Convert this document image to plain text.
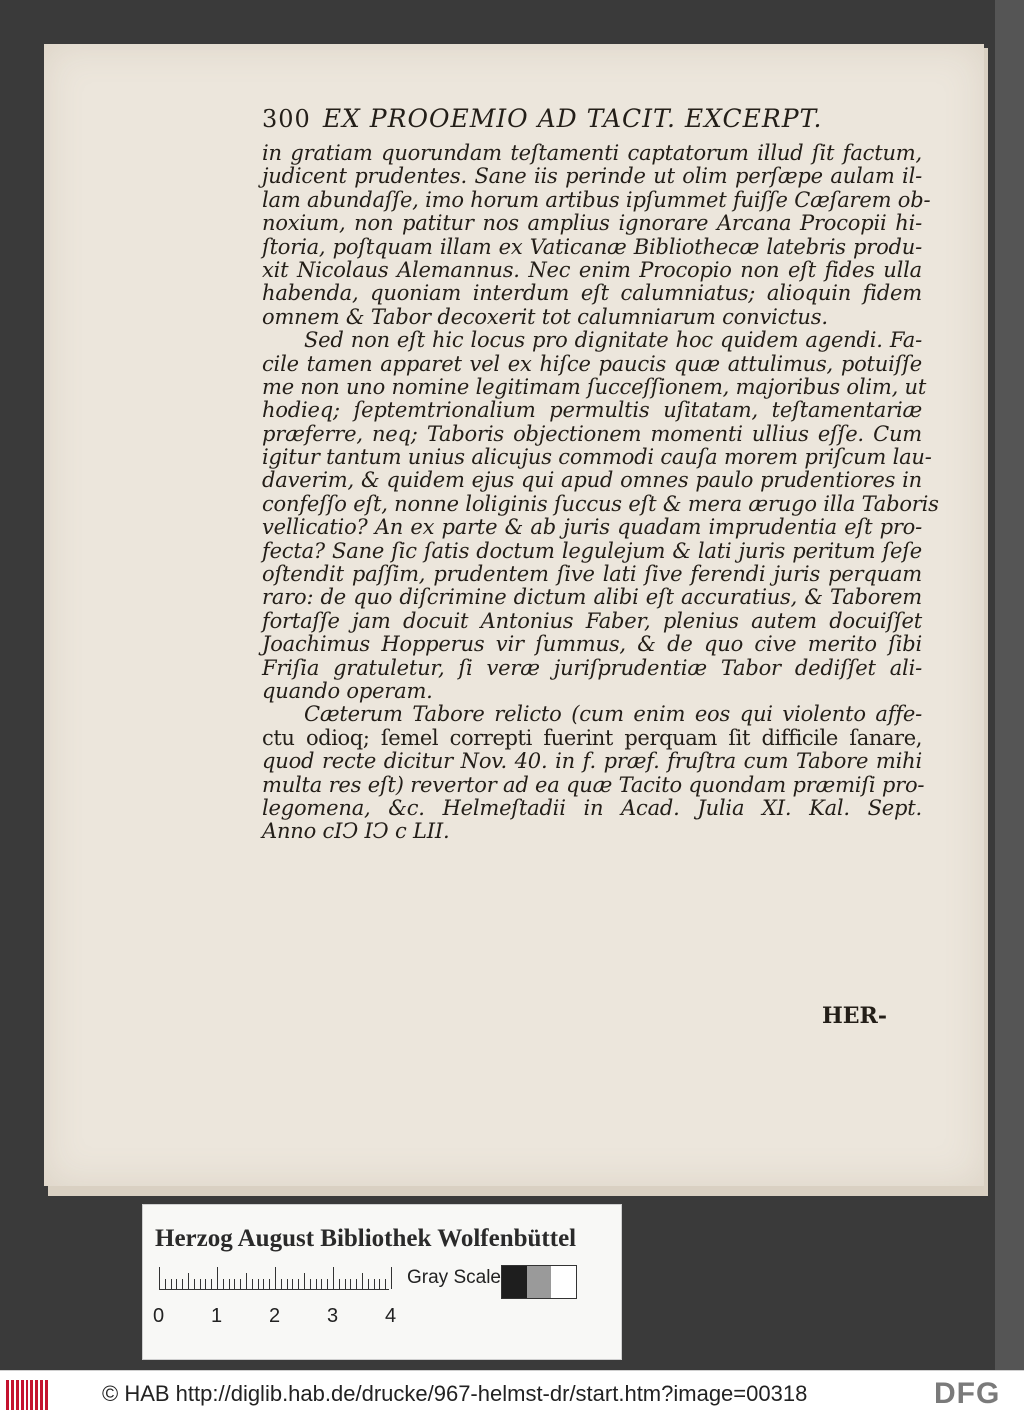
300 EX PROOEMIO AD TACIT. EXCERPT.
in gratiam quorundam teſtamenti captatorum illud ſit factum,
judicent prudentes. Sane iis perinde ut olim perſæpe aulam il-
lam abundaſſe, imo horum artibus ipſummet fuiſſe Cæſarem ob-
noxium, non patitur nos amplius ignorare Arcana Procopii hi-
ſtoria, poſtquam illam ex Vaticanæ Bibliothecæ latebris produ-
xit Nicolaus Alemannus. Nec enim Procopio non eſt fides ulla
habenda, quoniam interdum eſt calumniatus; alioquin fidem
omnem & Tabor decoxerit tot calumniarum convictus.
Sed non eſt hic locus pro dignitate hoc quidem agendi. Fa-
cile tamen apparet vel ex hiſce paucis quæ attulimus, potuiſſe
me non uno nomine legitimam ſucceſſionem, majoribus olim, ut
hodieq; ſeptemtrionalium permultis uſitatam, teſtamentariæ
præferre, neq; Taboris objectionem momenti ullius eſſe. Cum
igitur tantum unius alicujus commodi cauſa morem priſcum lau-
daverim, & quidem ejus qui apud omnes paulo prudentiores in
confeſſo eſt, nonne loliginis ſuccus eſt & mera ærugo illa Taboris
vellicatio? An ex parte & ab juris quadam imprudentia eſt pro-
fecta? Sane ſic ſatis doctum legulejum & lati juris peritum ſeſe
oſtendit paſſim, prudentem ſive lati ſive ferendi juris perquam
raro: de quo diſcrimine dictum alibi eſt accuratius, & Taborem
fortaſſe jam docuit Antonius Faber, plenius autem docuiſſet
Joachimus Hopperus vir ſummus, & de quo cive merito ſibi
Friſia gratuletur, ſi veræ juriſprudentiæ Tabor dediſſet ali-
quando operam.
Cæterum Tabore relicto (cum enim eos qui violento affe-
ctu odioq; ſemel correpti fuerint perquam ſit difficile ſanare,
quod recte dicitur Nov. 40. in f. præf. fruſtra cum Tabore mihi
multa res eſt) revertor ad ea quæ Tacito quondam præmiſi pro-
legomena, &c. Helmeſtadii in Acad. Julia XI. Kal. Sept.
Anno cIↃ IↃ c LII.
HER-
Herzog August Bibliothek Wolfenbüttel
0 1 2 3 4
Gray Scale
© HAB http://diglib.hab.de/drucke/967-helmst-dr/start.htm?image=00318	DFG
